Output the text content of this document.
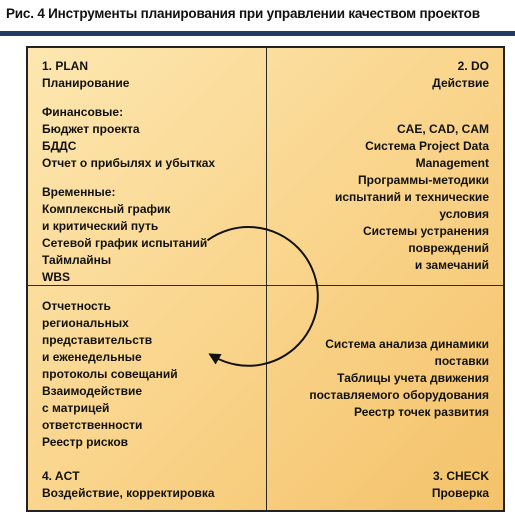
Рис. 4 Инструменты планирования при управлении качеством проектов
1. PLAN
Планирование
Финансовые:
Бюджет проекта
БДДС
Отчет о прибылях и убытках
Временные:
Комплексный график
и критический путь
Сетевой график испытаний
Таймлайны
WBS
2. DO
Действие
CAE, CAD, CAM
Система Project Data
Management
Программы-методики
испытаний и технические
условия
Системы устранения
повреждений
и замечаний
Отчетность
региональных
представительств
и еженедельные
протоколы совещаний
Взаимодействие
с матрицей
ответственности
Реестр рисков
4. ACT
Воздействие, корректировка
Система анализа динамики
поставки
Таблицы учета движения
поставляемого оборудования
Реестр точек развития
3. CHECK
Проверка
